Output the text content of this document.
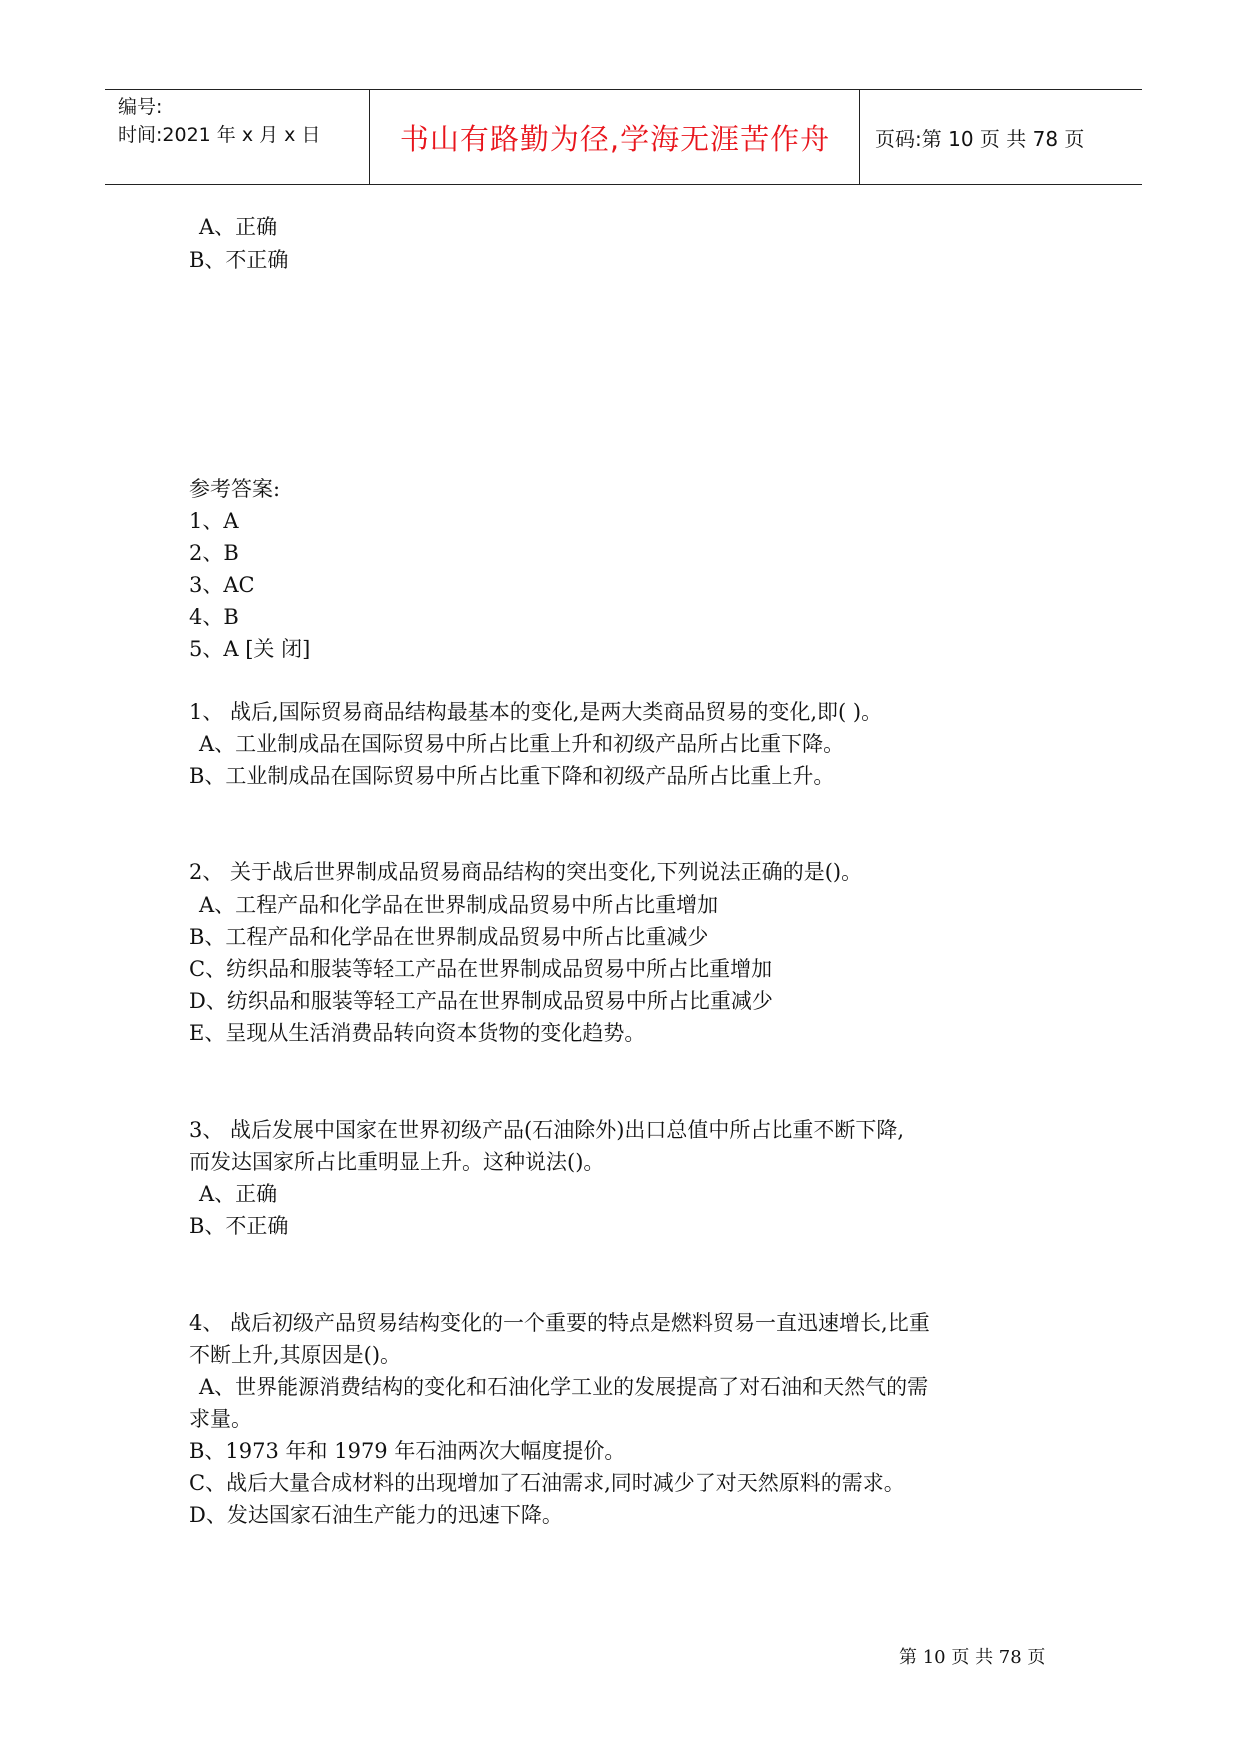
编号:
时间:2021 年 x 月 x 日	书山有路勤为径,学海无涯苦作舟	页码:第 10 页 共 78 页
A、正确
B、不正确
参考答案:
1、A
2、B
3、AC
4、B
5、A [关 闭]
1、 战后,国际贸易商品结构最基本的变化,是两大类商品贸易的变化,即( )。
A、工业制成品在国际贸易中所占比重上升和初级产品所占比重下降。
B、工业制成品在国际贸易中所占比重下降和初级产品所占比重上升。
2、 关于战后世界制成品贸易商品结构的突出变化,下列说法正确的是()。
A、工程产品和化学品在世界制成品贸易中所占比重增加
B、工程产品和化学品在世界制成品贸易中所占比重减少
C、纺织品和服装等轻工产品在世界制成品贸易中所占比重增加
D、纺织品和服装等轻工产品在世界制成品贸易中所占比重减少
E、呈现从生活消费品转向资本货物的变化趋势。
3、 战后发展中国家在世界初级产品(石油除外)出口总值中所占比重不断下降,
而发达国家所占比重明显上升。这种说法()。
A、正确
B、不正确
4、 战后初级产品贸易结构变化的一个重要的特点是燃料贸易一直迅速增长,比重
不断上升,其原因是()。
A、世界能源消费结构的变化和石油化学工业的发展提高了对石油和天然气的需
求量。
B、1973 年和 1979 年石油两次大幅度提价。
C、战后大量合成材料的出现增加了石油需求,同时减少了对天然原料的需求。
D、发达国家石油生产能力的迅速下降。
第 10 页 共 78 页
